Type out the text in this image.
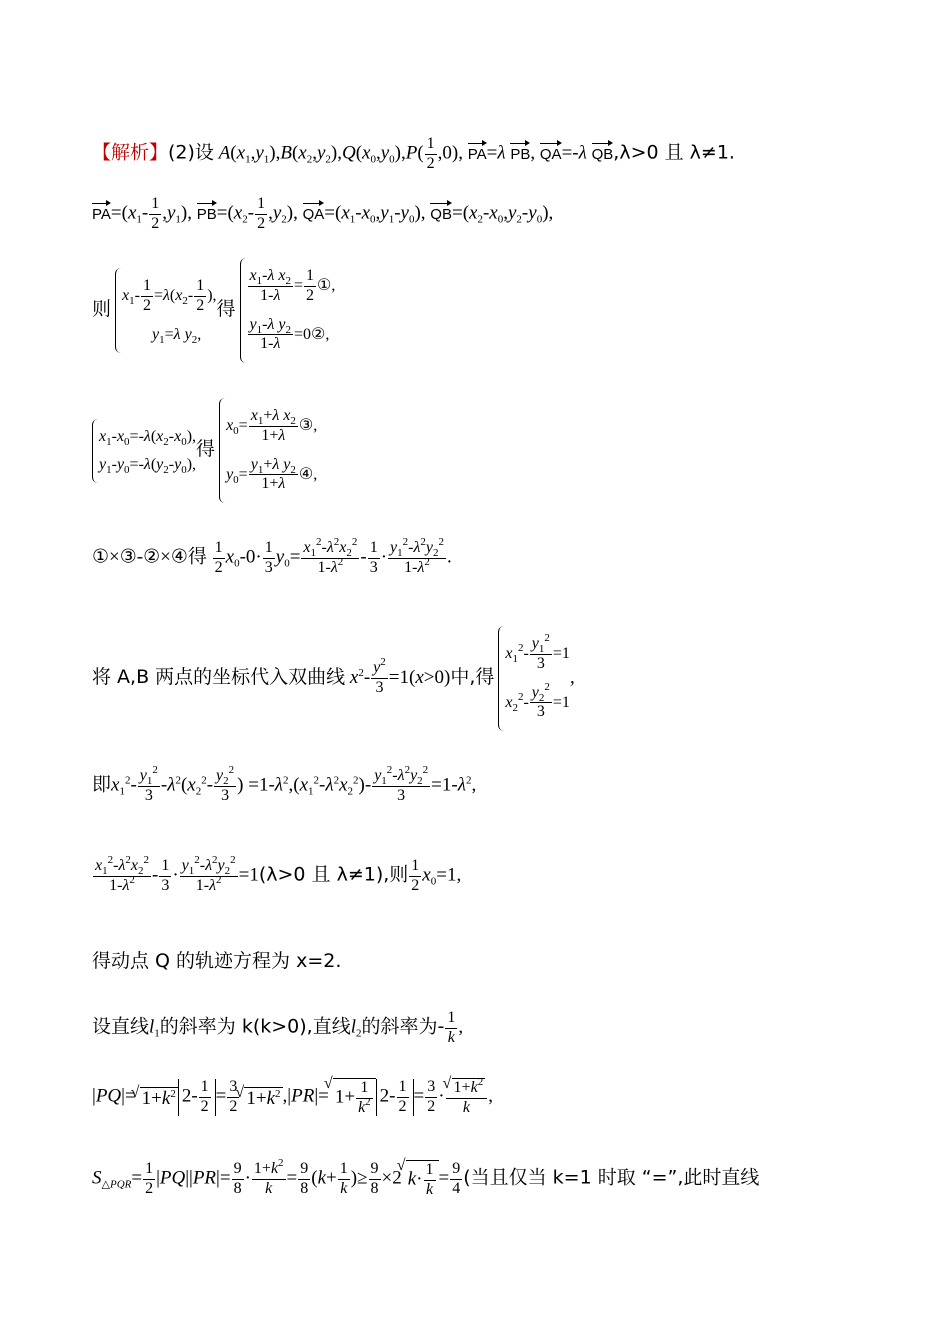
【解析】(2)设 $A(x_1,y_1),B(x_2,y_2),Q(x_0,y_0),P( \frac{1}{2} ,0)$, PA=λ PB, QA=-λ QB,λ>0 且 λ≠1.
$PA=(x_1- \frac{1}{2} ,y_1)$, $PB=(x_2- \frac{1}{2} ,y_2)$, $QA=(x_1-x_0,y_1-y_0)$, $QB=(x_2-x_0,y_2-y_0)$,
则
$x_1- \frac{1}{2} =\lambda(x_2- \frac{1}{2}$ ),
$y_1=\lambda$ $y_2$,
得
$\frac{x_1-\lambda x_2}{1-\lambda} = \frac{1}{2}$ ①,
$\frac{y_1-\lambda y_2}{1-\lambda}$ =0②,
$x_1-x_0=-\lambda(x_2-x_0)$,
$y_1-y_0=-\lambda(y_2-y_0)$,
得
$x_0= \frac{x_1+\lambda x_2}{1+\lambda}$ ③,
$y_0= \frac{y_1+\lambda y_2}{1+\lambda}$ ④,
①×③-②×④得 $\frac{1}{2} x_0-0\cdot \frac{1}{3} y_0= \frac{x_1^2-\lambda^2x_2^2}{1-\lambda^2} - \frac{1}{3} \cdot \frac{y_1^2-\lambda^2y_2^2}{1-\lambda^2}$ .
将 A,B 两点的坐标代入双曲线 $x^2- \frac{y^2}{3} =1(x>0)$中,得
$x_1^2- \frac{y_1^2}{3} =1$
$x_2^2- \frac{y_2^2}{3} =1$
,
即$x_1^2- \frac{y_1^2}{3} -\lambda^2(x_2^2- \frac{y_2^2}{3}$ ) $=1-\lambda^2,(x_1^2-\lambda^2x_2^2)- \frac{y_1^2-\lambda^2y_2^2}{3} =1-\lambda^2$,
$\frac{x_1^2-\lambda^2x_2^2}{1-\lambda^2} - \frac{1}{3} \cdot \frac{y_1^2-\lambda^2y_2^2}{1-\lambda^2} =1(\lambda>0$ 且 λ≠1),则 $\frac{1}{2} x_0=1$,
得动点 Q 的轨迹方程为 x=2.
设直线$l_1$的斜率为 k(k>0),直线$l_2$的斜率为- $\frac{1}{k}$ ,
|PQ|=√ $1+k^2$ $2- \frac{1}{2} = \frac{3}{2}$
√ $1+k^2$ ,|PR|=√ $1+ \frac{1}{k^2} 2- \frac{1}{2} = \frac{3}{2}$ ·
√ $\frac{1+k^2}{k}$ ,
$S_{\triangle PQR}= \frac{1}{2} |PQ||PR|= \frac{9}{8} \cdot \frac{1+k^2}{k} = \frac{9}{8} (k+ \frac{1}{k}$ )≥ $\frac{9}{8} \times 2√$ $k\cdot \frac{1}{k} = \frac{9}{4}$ (当且仅当 k=1 时取 “=”,此时直线
